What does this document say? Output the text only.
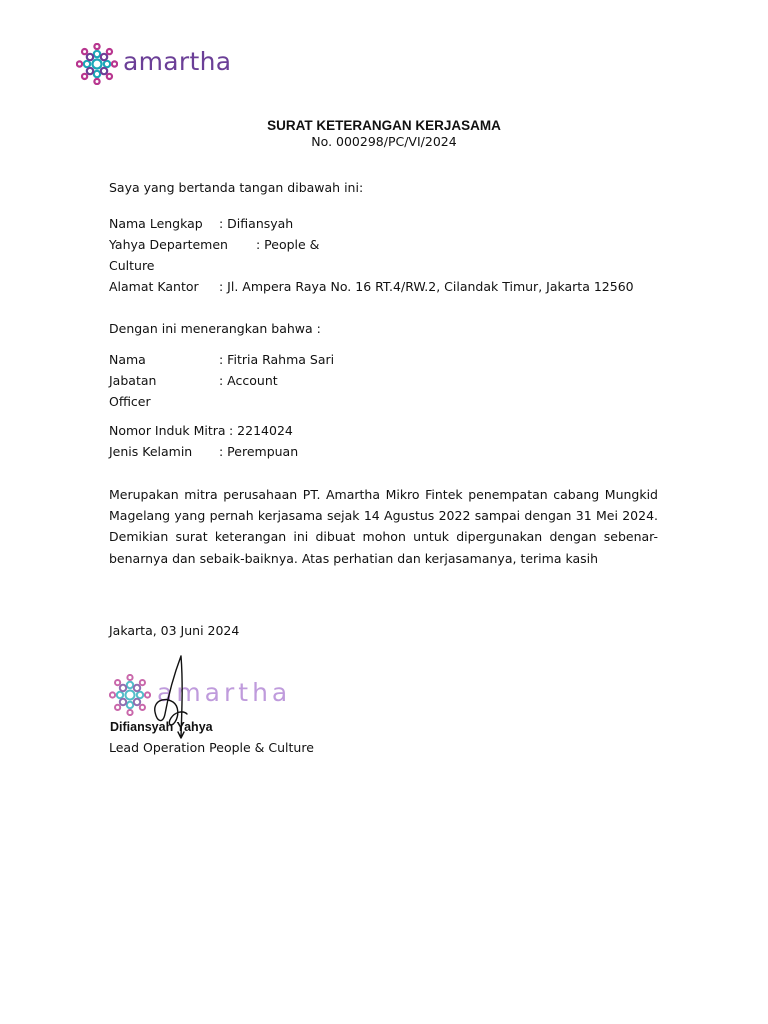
amartha
SURAT KETERANGAN KERJASAMA
No. 000298/PC/VI/2024
Saya yang bertanda tangan dibawah ini:
Nama Lengkap : Difiansyah
Yahya Departemen : People &
Culture
Alamat Kantor : Jl. Ampera Raya No. 16 RT.4/RW.2, Cilandak Timur, Jakarta 12560
Dengan ini menerangkan bahwa :
Nama	: Fitria Rahma Sari
Jabatan	: Account
Officer
Nomor Induk Mitra : 2214024
Jenis Kelamin : Perempuan
Merupakan mitra perusahaan PT. Amartha Mikro Fintek penempatan cabang Mungkid Magelang yang pernah kerjasama sejak 14 Agustus 2022 sampai dengan 31 Mei 2024. Demikian surat keterangan ini dibuat mohon untuk dipergunakan dengan sebenar-benarnya dan sebaik-baiknya. Atas perhatian dan kerjasamanya, terima kasih
Jakarta, 03 Juni 2024
amartha
Difiansyah Yahya
Lead Operation People & Culture
